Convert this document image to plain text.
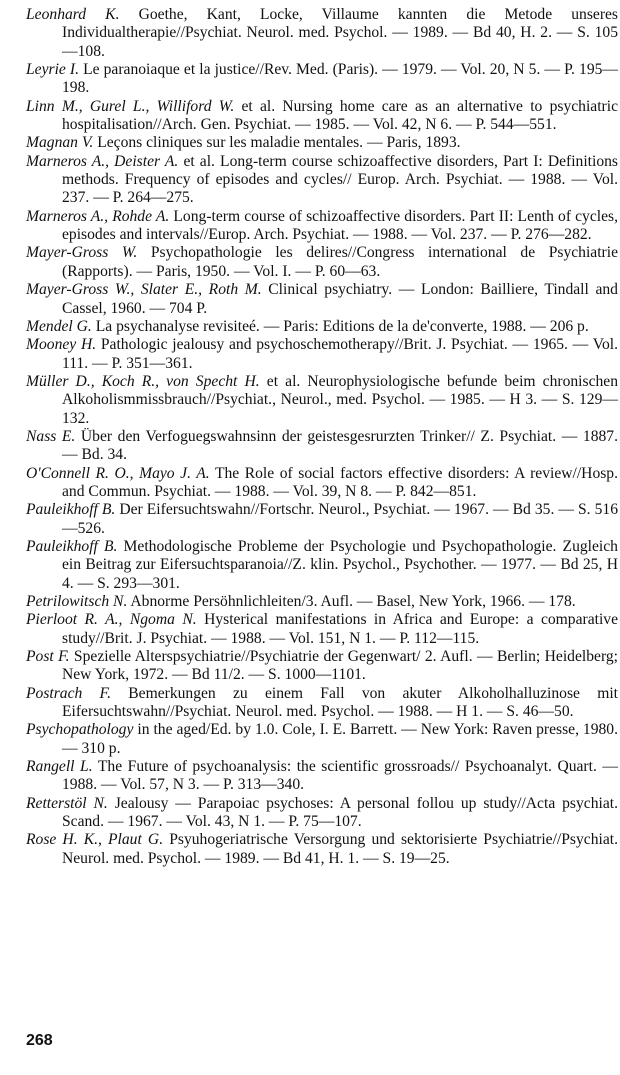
Leonhard K. Goethe, Kant, Locke, Villaume kannten die Metode unseres Individualtherapie//Psychiat. Neurol. med. Psychol. — 1989. — Bd 40, H. 2. — S. 105—108.
Leyrie I. Le paranoiaque et la justice//Rev. Med. (Paris). — 1979. — Vol. 20, N 5. — P. 195—198.
Linn M., Gurel L., Williford W. et al. Nursing home care as an alternative to psychiatric hospitalisation//Arch. Gen. Psychiat. — 1985. — Vol. 42, N 6. — P. 544—551.
Magnan V. Leçons cliniques sur les maladie mentales. — Paris, 1893.
Marneros A., Deister A. et al. Long-term course schizoaffective disorders, Part I: Definitions methods. Frequency of episodes and cycles// Europ. Arch. Psychiat. — 1988. — Vol. 237. — P. 264—275.
Marneros A., Rohde A. Long-term course of schizoaffective disorders. Part II: Lenth of cycles, episodes and intervals//Europ. Arch. Psychiat. — 1988. — Vol. 237. — P. 276—282.
Mayer-Gross W. Psychopathologie les delires//Congress international de Psychiatrie (Rapports). — Paris, 1950. — Vol. I. — P. 60—63.
Mayer-Gross W., Slater E., Roth M. Clinical psychiatry. — London: Bailliere, Tindall and Cassel, 1960. — 704 P.
Mendel G. La psychanalyse revisiteé. — Paris: Editions de la de'converte, 1988. — 206 p.
Mooney H. Pathologic jealousy and psychoschemotherapy//Brit. J. Psychiat. — 1965. — Vol. 111. — P. 351—361.
Müller D., Koch R., von Specht H. et al. Neurophysiologische befunde beim chronischen Alkoholismmissbrauch//Psychiat., Neurol., med. Psychol. — 1985. — H 3. — S. 129—132.
Nass E. Über den Verfoguegswahnsinn der geistesgesrurzten Trinker// Z. Psychiat. — 1887. — Bd. 34.
O'Connell R. O., Mayo J. A. The Role of social factors effective disorders: A review//Hosp. and Commun. Psychiat. — 1988. — Vol. 39, N 8. — P. 842—851.
Pauleikhoff B. Der Eifersuchtswahn//Fortschr. Neurol., Psychiat. — 1967. — Bd 35. — S. 516—526.
Pauleikhoff B. Methodologische Probleme der Psychologie und Psychopathologie. Zugleich ein Beitrag zur Eifersuchtsparanoia//Z. klin. Psychol., Psychother. — 1977. — Bd 25, H 4. — S. 293—301.
Petrilowitsch N. Abnorme Persöhnlichleiten/3. Aufl. — Basel, New York, 1966. — 178.
Pierloot R. A., Ngoma N. Hysterical manifestations in Africa and Europe: a comparative study//Brit. J. Psychiat. — 1988. — Vol. 151, N 1. — P. 112—115.
Post F. Spezielle Alterspsychiatrie//Psychiatrie der Gegenwart/ 2. Aufl. — Berlin; Heidelberg; New York, 1972. — Bd 11/2. — S. 1000—1101.
Postrach F. Bemerkungen zu einem Fall von akuter Alkoholhalluzinose mit Eifersuchtswahn//Psychiat. Neurol. med. Psychol. — 1988. — H 1. — S. 46—50.
Psychopathology in the aged/Ed. by 1.0. Cole, I. E. Barrett. — New York: Raven presse, 1980. — 310 p.
Rangell L. The Future of psychoanalysis: the scientific grossroads// Psychoanalyt. Quart. — 1988. — Vol. 57, N 3. — P. 313—340.
Retterstöl N. Jealousy — Parapoiac psychoses: A personal follou up study//Acta psychiat. Scand. — 1967. — Vol. 43, N 1. — P. 75—107.
Rose H. K., Plaut G. Psyuhogeriatrische Versorgung und sektorisierte Psychiatrie//Psychiat. Neurol. med. Psychol. — 1989. — Bd 41, H. 1. — S. 19—25.
268
